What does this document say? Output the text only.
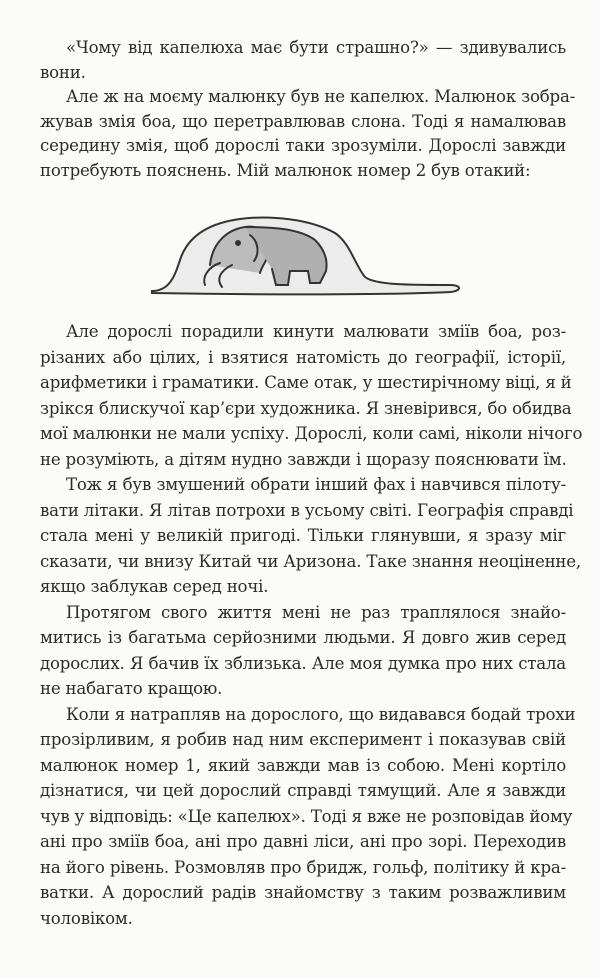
«Чому від капелюха має бути страшно?» — здивувались
вони.
Але ж на моєму малюнку був не капелюх. Малюнок зобра-
жував змія боа, що перетравлював слона. Тоді я намалював
середину змія, щоб дорослі таки зрозуміли. Дорослі завжди
потребують пояснень. Мій малюнок номер 2 був отакий:
Але дорослі порадили кинути малювати зміїв боа, роз-
різаних або цілих, і взятися натомість до географії, історії,
арифметики і граматики. Саме отак, у шестирічному віці, я й
зрікся блискучої кар’єри художника. Я зневірився, бо обидва
мої малюнки не мали успіху. Дорослі, коли самі, ніколи нічого
не розуміють, а дітям нудно завжди і щоразу пояснювати їм.
Тож я був змушений обрати інший фах і навчився пілоту-
вати літаки. Я літав потрохи в усьому світі. Географія справді
стала мені у великій пригоді. Тільки глянувши, я зразу міг
сказати, чи внизу Китай чи Аризона. Таке знання неоціненне,
якщо заблукав серед ночі.
Протягом свого життя мені не раз траплялося знайо-
митись із багатьма серйозними людьми. Я довго жив серед
дорослих. Я бачив їх зблизька. Але моя думка про них стала
не набагато кращою.
Коли я натрапляв на дорослого, що видавався бодай трохи
прозірливим, я робив над ним експеримент і показував свій
малюнок номер 1, який завжди мав із собою. Мені кортіло
дізнатися, чи цей дорослий справді тямущий. Але я завжди
чув у відповідь: «Це капелюх». Тоді я вже не розповідав йому
ані про зміїв боа, ані про давні ліси, ані про зорі. Переходив
на його рівень. Розмовляв про бридж, гольф, політику й кра-
ватки. А дорослий радів знайомству з таким розважливим
чоловіком.
